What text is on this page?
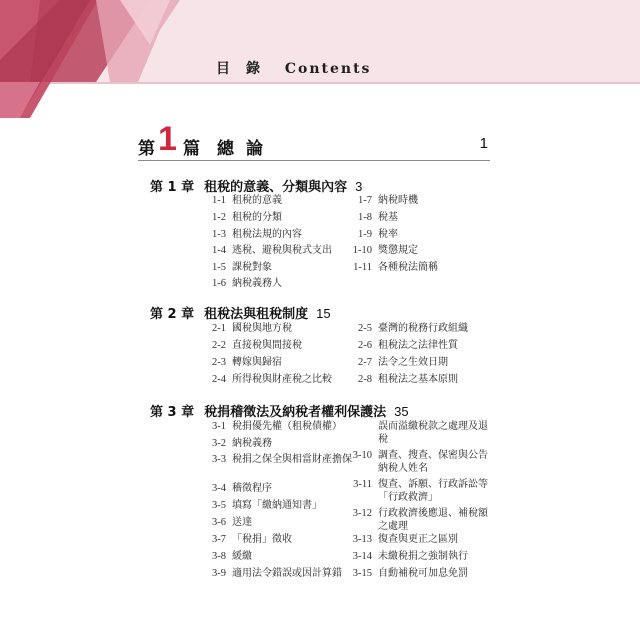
目錄 Contents
第 1 篇 總論	1
第 1 章 租稅的意義、分類與內容 3
1-1 租稅的意義
1-2 租稅的分類
1-3 租稅法規的內容
1-4 逃稅、避稅與稅式支出
1-5 課稅對象
1-6 納稅義務人
1-7 納稅時機
1-8 稅基
1-9 稅率
1-10 獎懲規定
1-11 各種稅法簡稱
第 2 章 租稅法與租稅制度 15
2-1 國稅與地方稅
2-2 直接稅與間接稅
2-3 轉嫁與歸宿
2-4 所得稅與財產稅之比較
2-5 臺灣的稅務行政組織
2-6 租稅法之法律性質
2-7 法令之生效日期
2-8 租稅法之基本原則
第 3 章 稅捐稽徵法及納稅者權利保護法 35
3-1 稅捐優先權（租稅債權）
3-2 納稅義務
3-3 稅捐之保全與相當財產擔保
3-4 稽徵程序
3-5 填寫「繳納通知書」
3-6 送達
3-7 「稅捐」徵收
3-8 緩繳
3-9 適用法令錯誤或因計算錯
誤而溢繳稅款之處理及退稅
3-10 調查、搜查、保密與公告納稅人姓名
3-11 復查、訴願、行政訴訟等「行政救濟」
3-12 行政救濟後應退、補稅額之處理
3-13 復查與更正之區別
3-14 未繳稅捐之強制執行
3-15 自動補稅可加息免罰
